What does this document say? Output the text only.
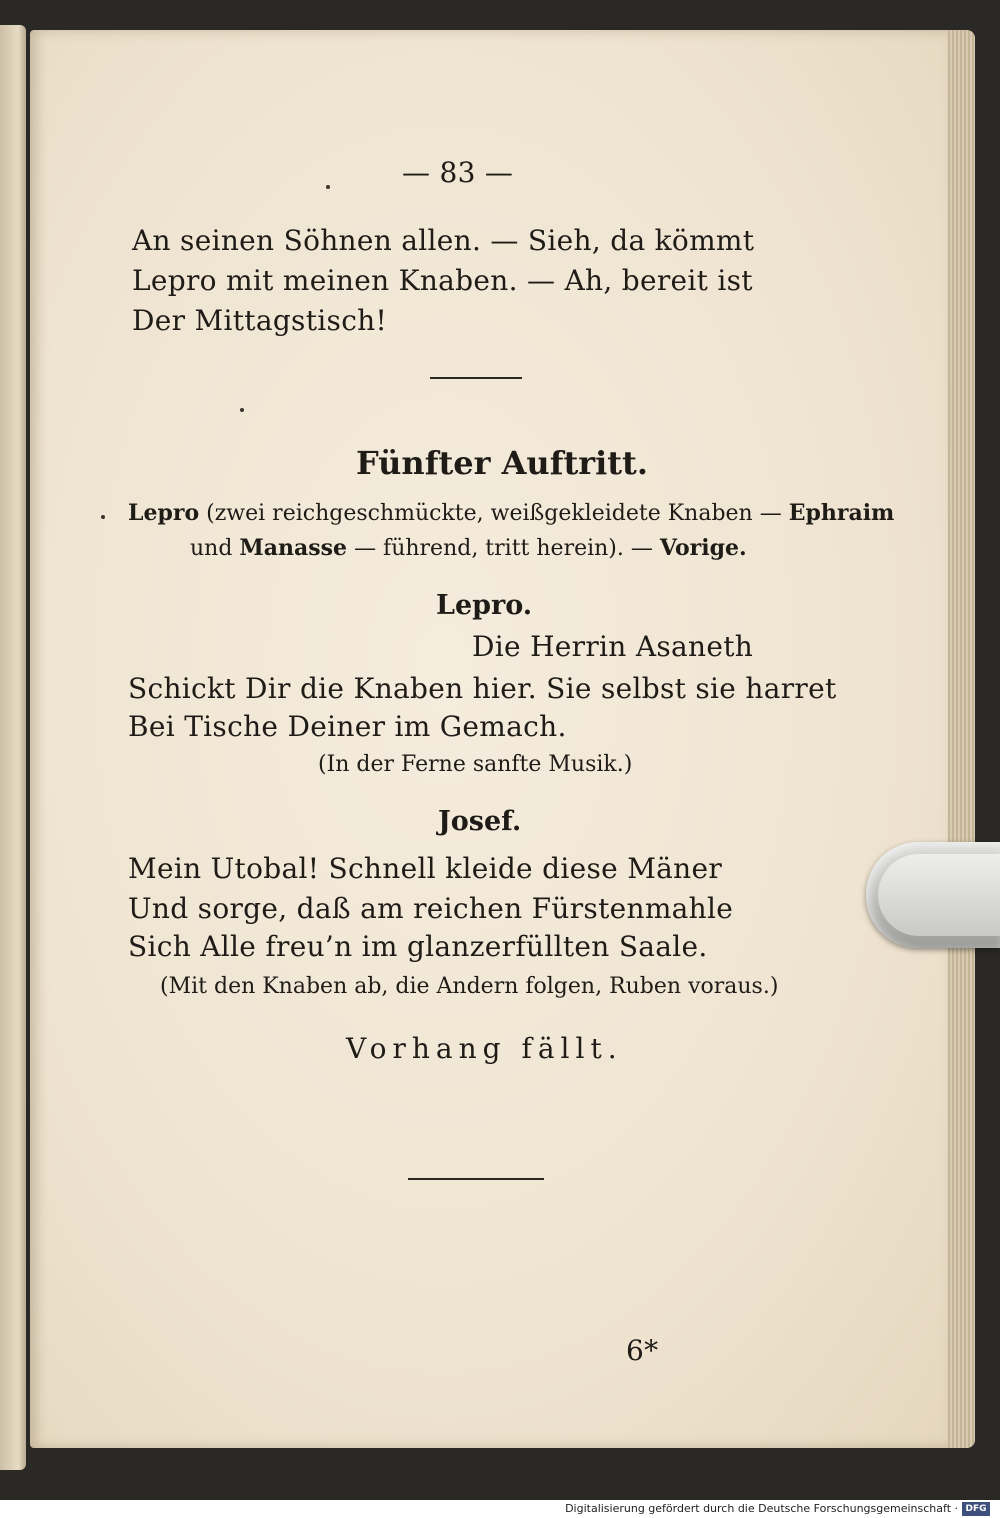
— 83 —
An seinen Söhnen allen. — Sieh, da kömmt
Lepro mit meinen Knaben. — Ah, bereit ist
Der Mittagstisch!
Fünfter Auftritt.
Lepro (zwei reichgeschmückte, weißgekleidete Knaben — Ephraim
und Manasse — führend, tritt herein). — Vorige.
Lepro.
Die Herrin Asaneth
Schickt Dir die Knaben hier. Sie selbst sie harret
Bei Tische Deiner im Gemach.
(In der Ferne sanfte Musik.)
Josef.
Mein Utobal! Schnell kleide diese Mäner
Und sorge, daß am reichen Fürstenmahle
Sich Alle freu’n im glanzerfüllten Saale.
(Mit den Knaben ab, die Andern folgen, Ruben voraus.)
Vorhang fällt.
6*
Digitalisierung gefördert durch die Deutsche Forschungsgemeinschaft · DFG
